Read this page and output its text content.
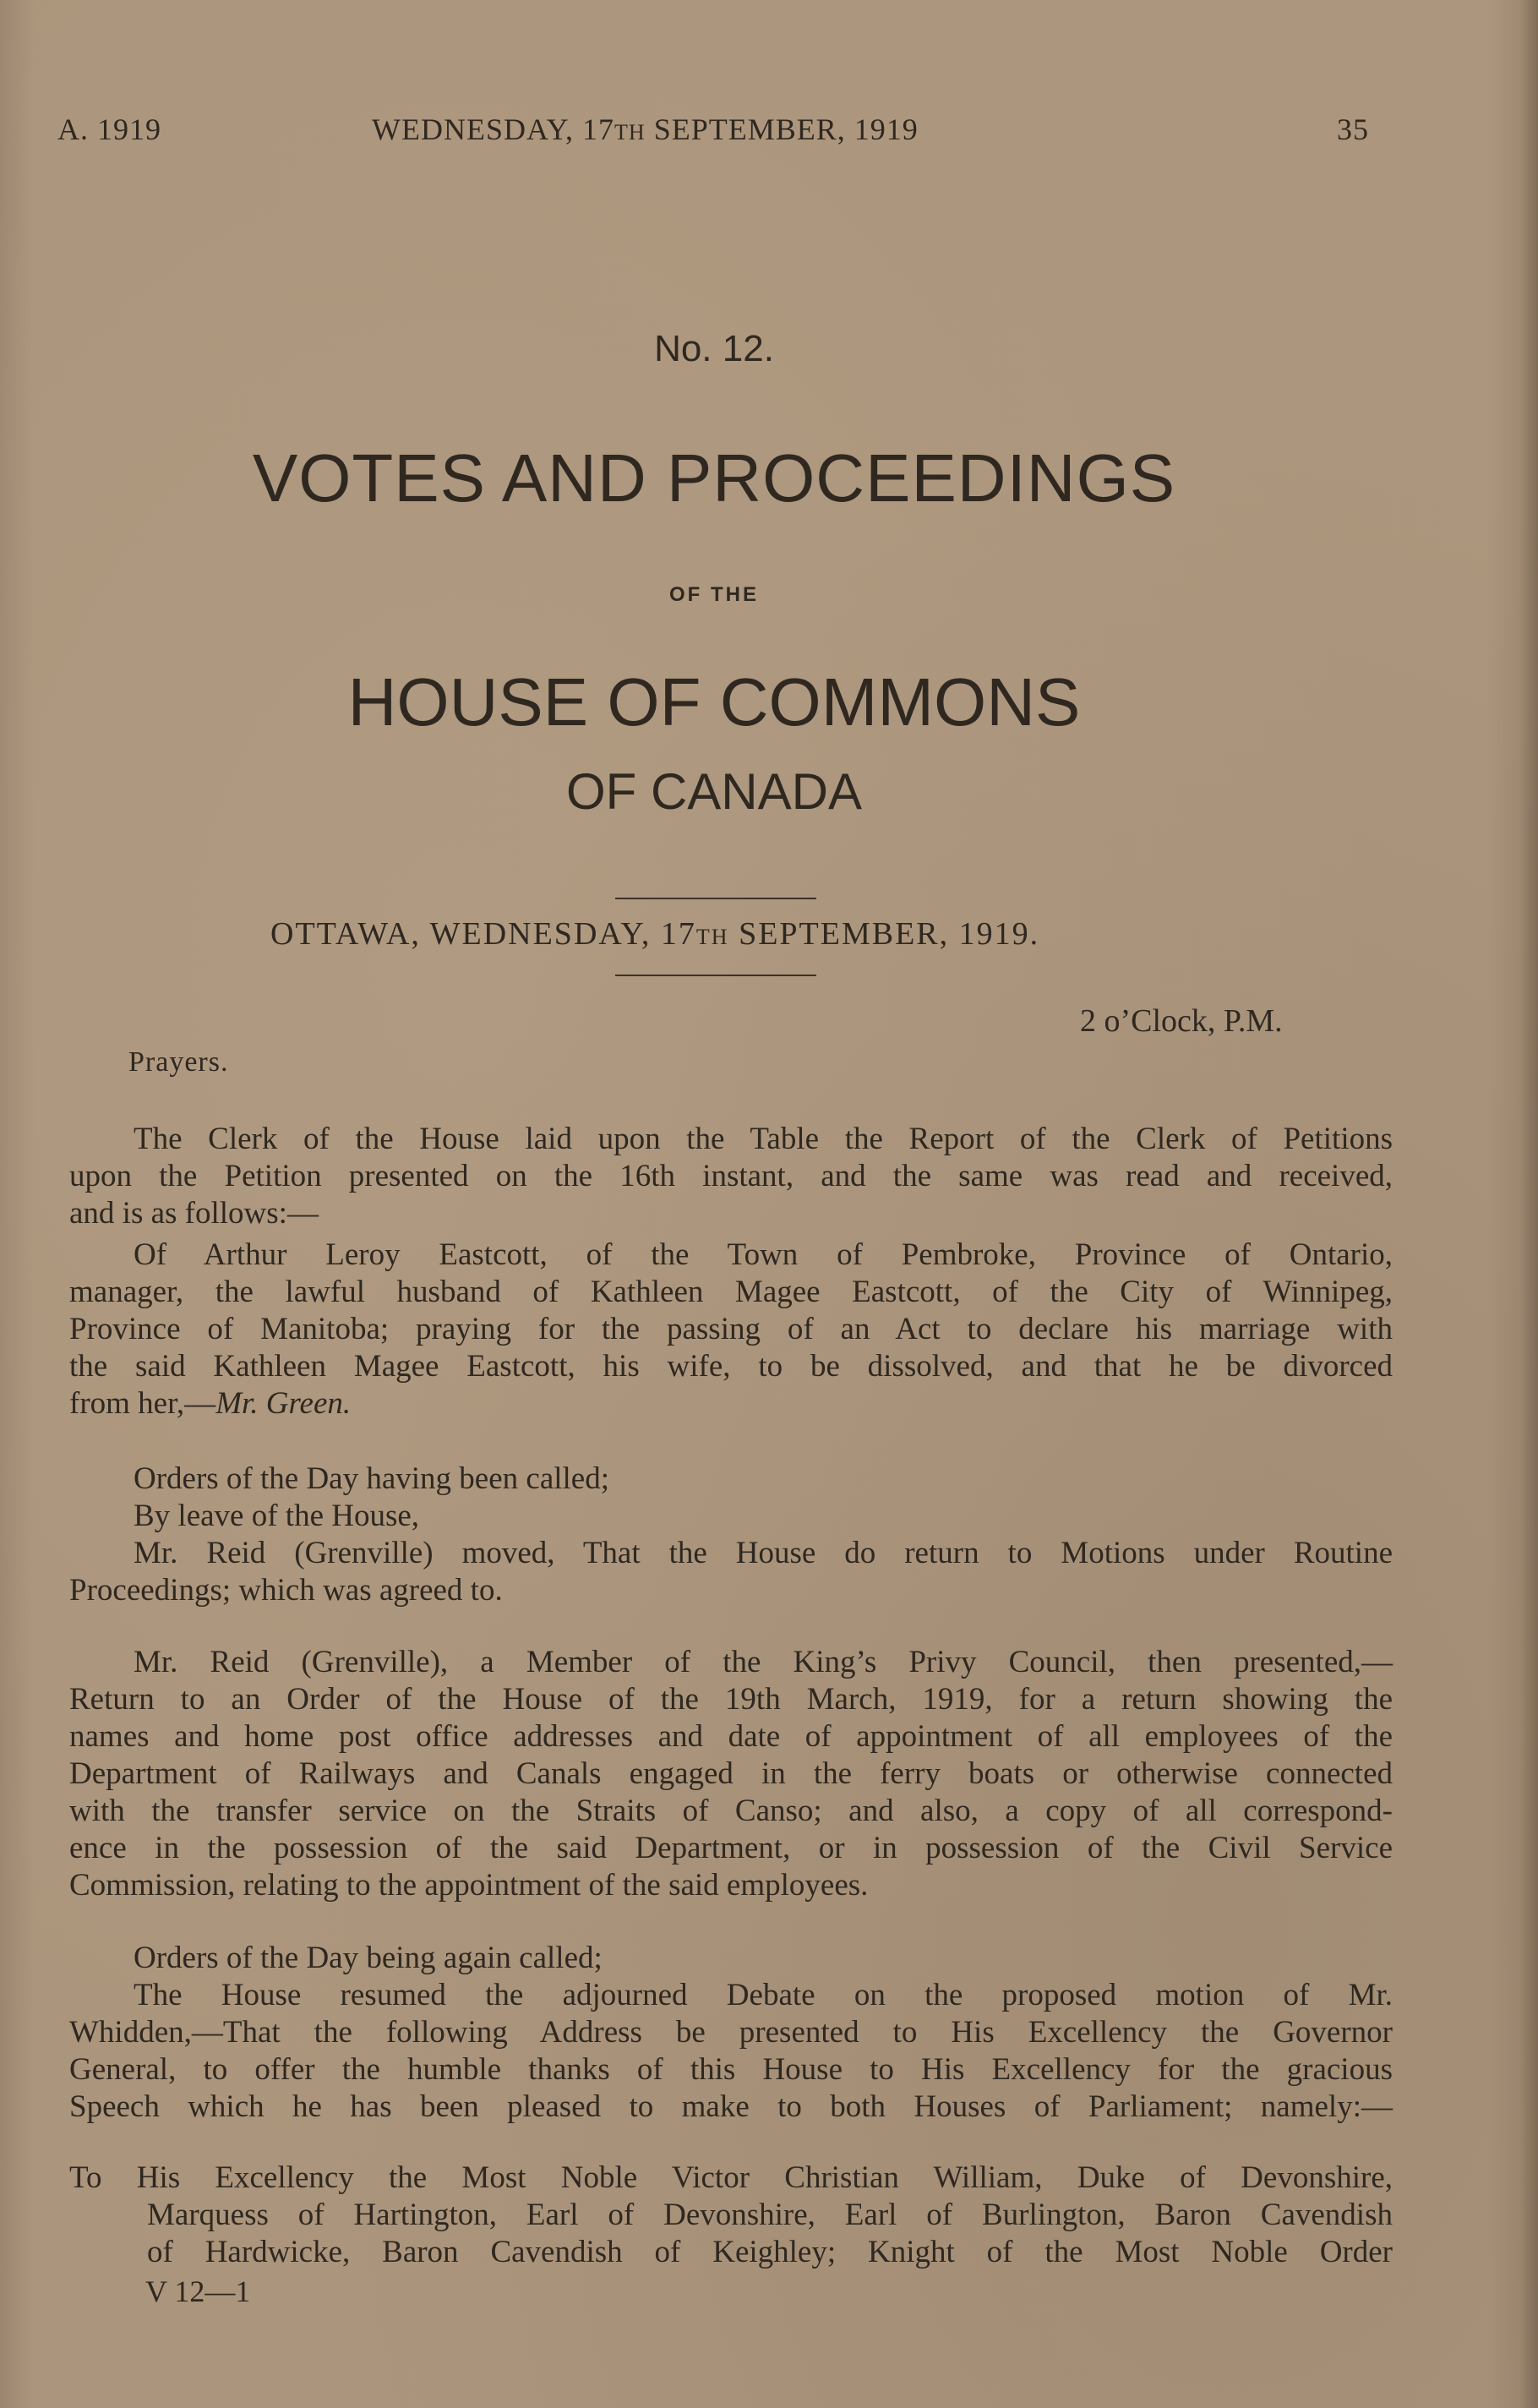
A. 1919	WEDNESDAY, 17TH SEPTEMBER, 1919	35
No. 12.
VOTES AND PROCEEDINGS
OF THE
HOUSE OF COMMONS
OF CANADA
OTTAWA, WEDNESDAY, 17TH SEPTEMBER, 1919.
2 o’Clock, P.M.
Prayers.
The Clerk of the House laid upon the Table the Report of the Clerk of Petitions
upon the Petition presented on the 16th instant, and the same was read and received,
and is as follows:—
Of Arthur Leroy Eastcott, of the Town of Pembroke, Province of Ontario,
manager, the lawful husband of Kathleen Magee Eastcott, of the City of Winnipeg,
Province of Manitoba; praying for the passing of an Act to declare his marriage with
the said Kathleen Magee Eastcott, his wife, to be dissolved, and that he be divorced
from her,—Mr. Green.
Orders of the Day having been called;
By leave of the House,
Mr. Reid (Grenville) moved, That the House do return to Motions under Routine
Proceedings; which was agreed to.
Mr. Reid (Grenville), a Member of the King’s Privy Council, then presented,—
Return to an Order of the House of the 19th March, 1919, for a return showing the
names and home post office addresses and date of appointment of all employees of the
Department of Railways and Canals engaged in the ferry boats or otherwise connected
with the transfer service on the Straits of Canso; and also, a copy of all correspond-
ence in the possession of the said Department, or in possession of the Civil Service
Commission, relating to the appointment of the said employees.
Orders of the Day being again called;
The House resumed the adjourned Debate on the proposed motion of Mr.
Whidden,—That the following Address be presented to His Excellency the Governor
General, to offer the humble thanks of this House to His Excellency for the gracious
Speech which he has been pleased to make to both Houses of Parliament; namely:—
To His Excellency the Most Noble Victor Christian William, Duke of Devonshire,
Marquess of Hartington, Earl of Devonshire, Earl of Burlington, Baron Cavendish
of Hardwicke, Baron Cavendish of Keighley; Knight of the Most Noble Order
V 12—1
